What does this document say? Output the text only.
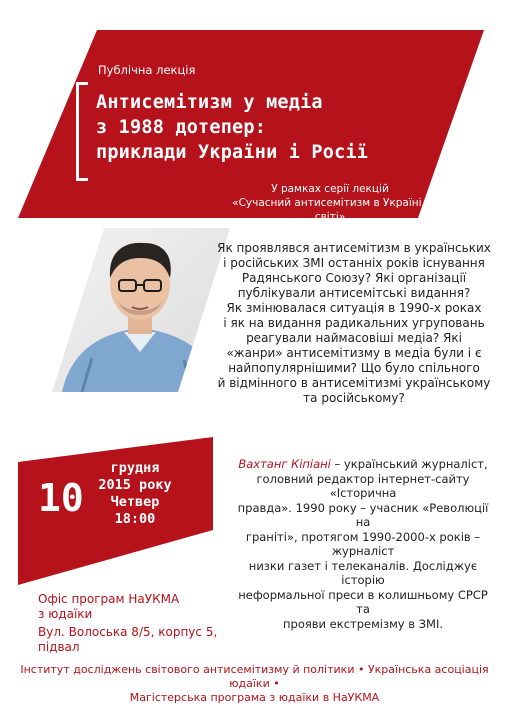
Публічна лекція
Антисемітизм у медіа
з 1988 дотепер:
приклади України і Росії
У рамках серії лекцій
«Сучасний антисемітизм в Україні і світі»
Як проявлявся антисемітизм в українських
і російських ЗМІ останніх років існування
Радянського Союзу? Які організації
публікували антисемітські видання?
Як змінювалася ситуація в 1990-х роках
і як на видання радикальних угруповань
реагували наймасовіші медіа? Які
«жанри» антисемітизму в медіа були і є
найпопулярнішими? Що було спільного
й відмінного в антисемітизмі українському
та російському?
10
грудня
2015 року
Четвер
18:00
Вахтанг Кіпіані – український журналіст,
головний редактор інтернет-сайту «Історична
правда». 1990 року – учасник «Революції на
граніті», протягом 1990-2000-х років – журналіст
низки газет і телеканалів. Досліджує історію
неформальної преси в колишньому СРСР та
прояви екстремізму в ЗМІ.
Офіс програм НаУКМА
з юдаїки
Вул. Волоська 8/5, корпус 5,
підвал
Інститут досліджень світового антисемітизму й політики • Українська асоціація юдаїки •
Магістерська програма з юдаїки в НаУКМА
